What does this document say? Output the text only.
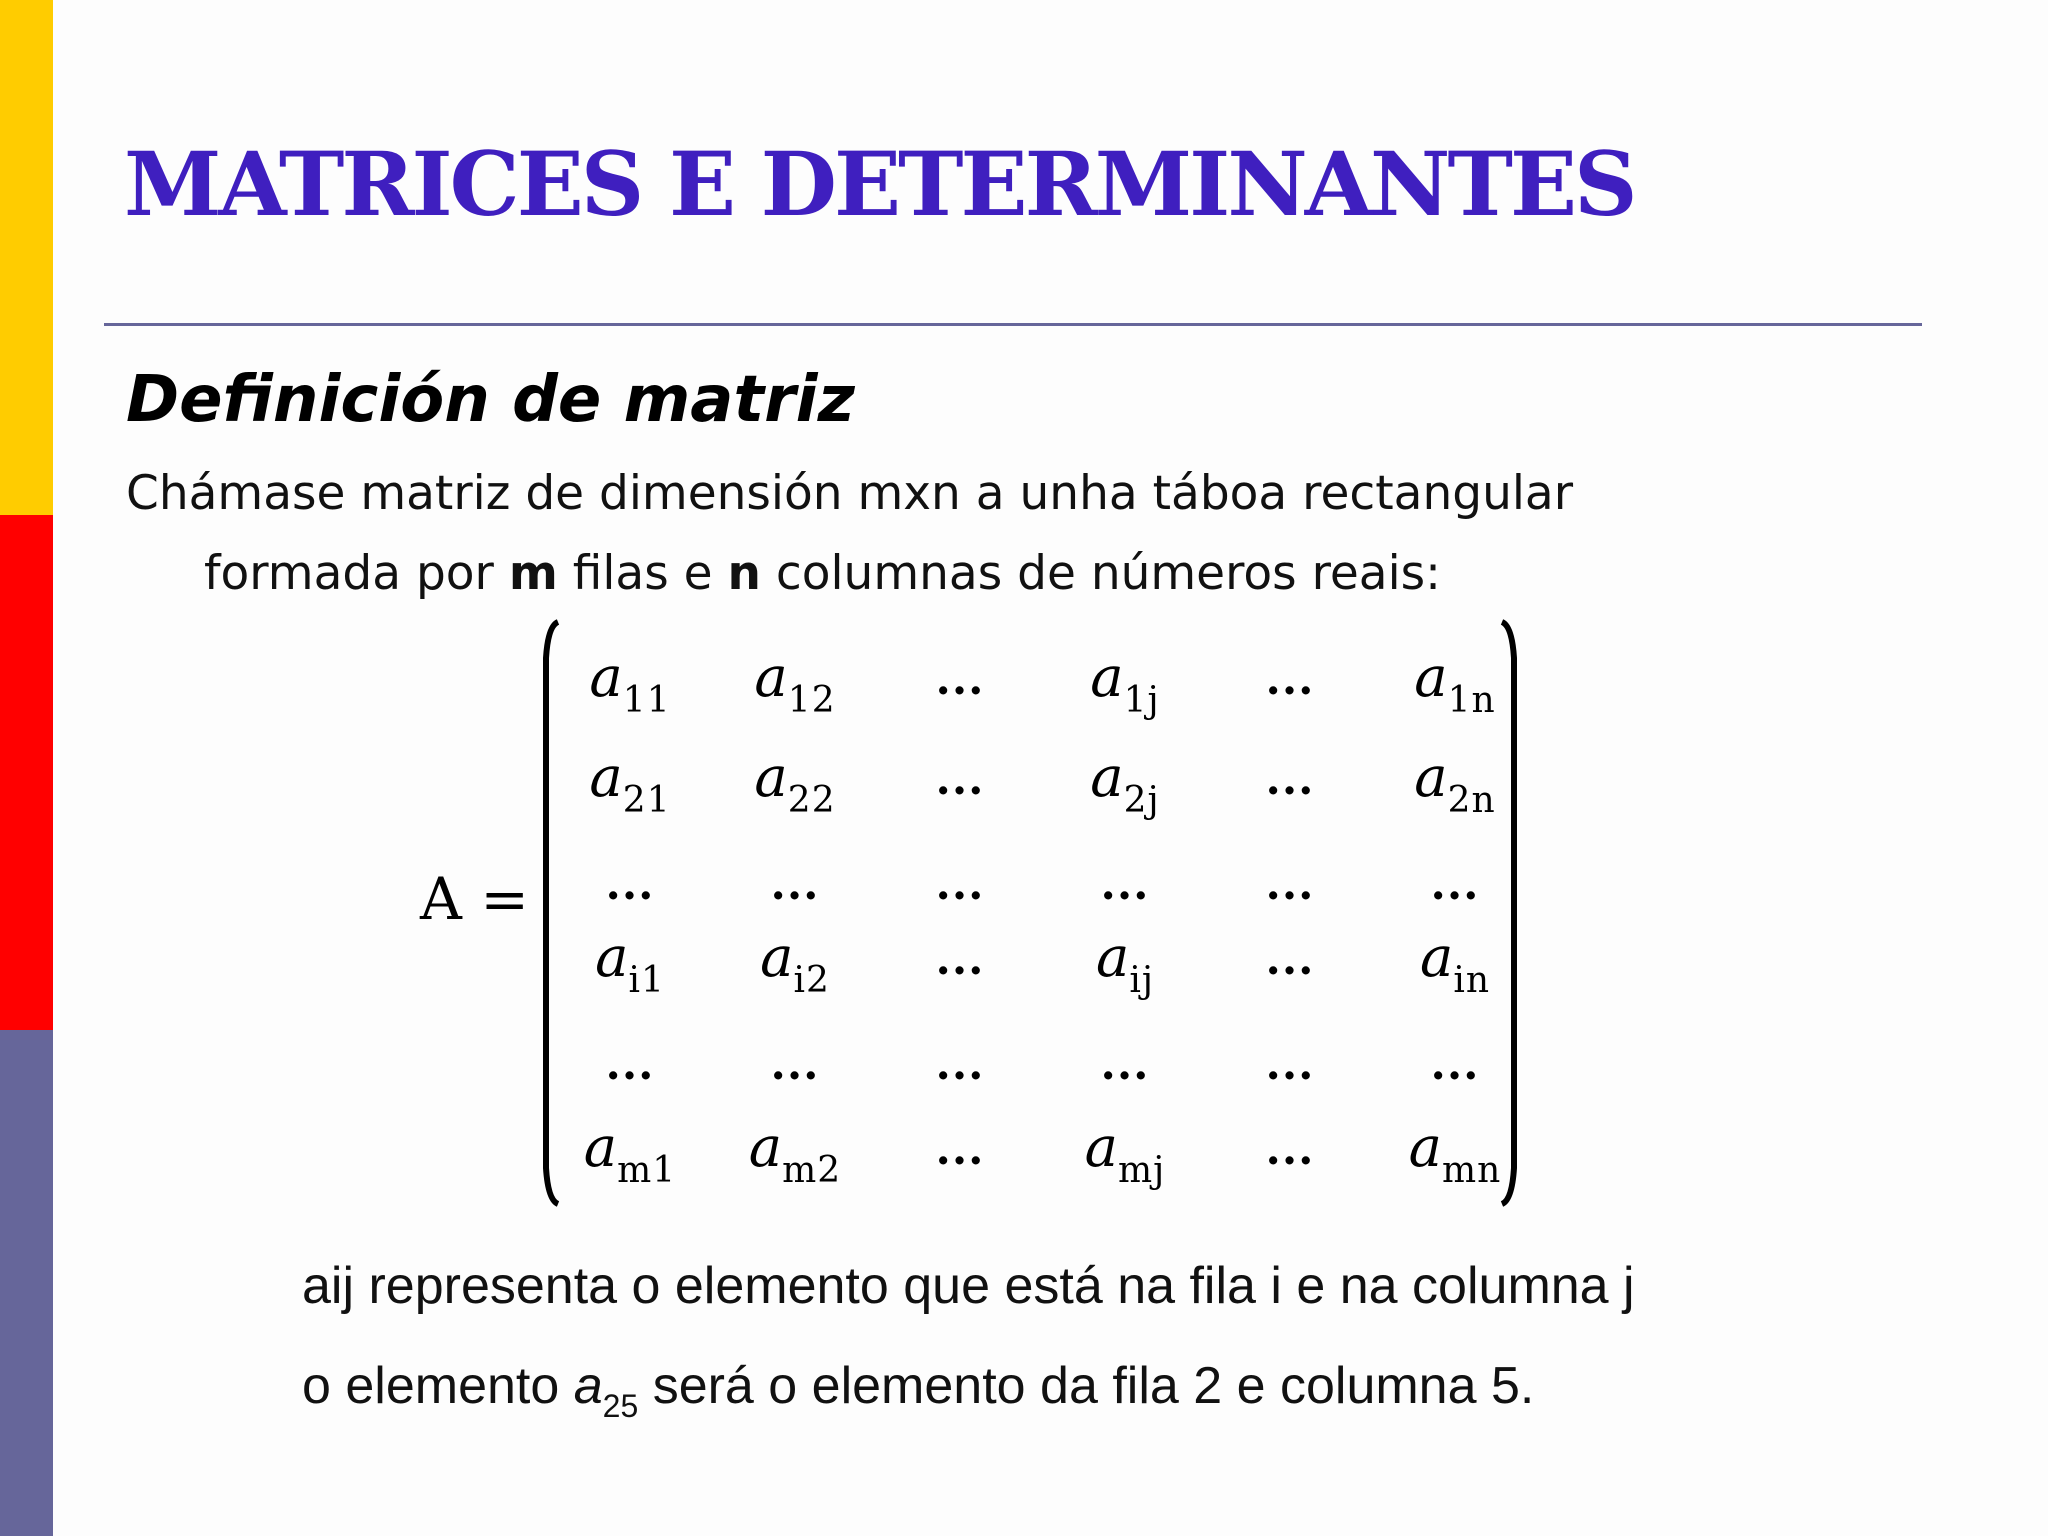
MATRICES E DETERMINANTES
Definición de matriz
Chámase matriz de dimensión mxn a unha táboa rectangular
formada por m filas e n columnas de números reais:
A =
a11 a12 ... a1j ... a1n
a21 a22 ... a2j ... a2n
...	...	...	...	...	...
ai1 ai2 ... aij	... ain
...	...	...	...	...	...
am1 am2 ... amj ... amn
aij representa o elemento que está na fila i e na columna j
o elemento $a_{25}$ será o elemento da fila 2 e columna 5.
